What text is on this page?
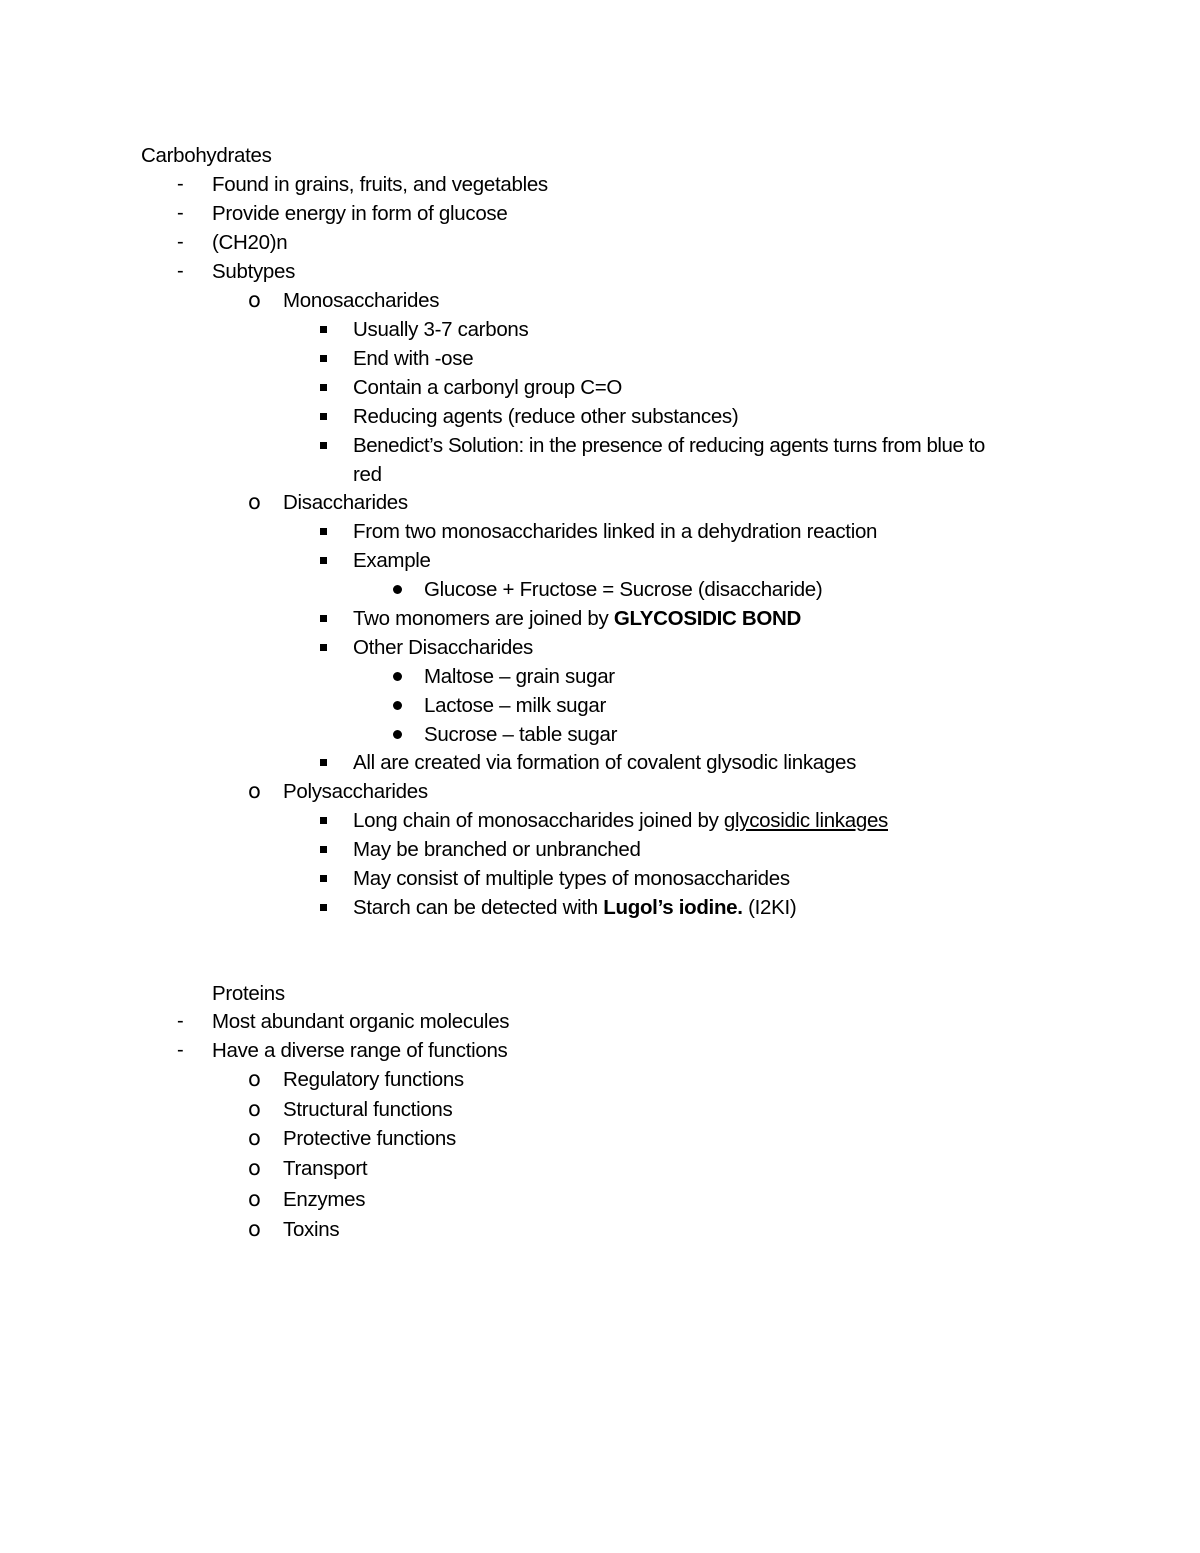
Carbohydrates
- Found in grains, fruits, and vegetables
- Provide energy in form of glucose
- (CH20)n
- Subtypes
o Monosaccharides
Usually 3-7 carbons
End with -ose
Contain a carbonyl group C=O
Reducing agents (reduce other substances)
Benedict’s Solution: in the presence of reducing agents turns from blue to
red
o Disaccharides
From two monosaccharides linked in a dehydration reaction
Example
Glucose + Fructose = Sucrose (disaccharide)
Two monomers are joined by GLYCOSIDIC BOND
Other Disaccharides
Maltose – grain sugar
Lactose – milk sugar
Sucrose – table sugar
All are created via formation of covalent glysodic linkages
o Polysaccharides
Long chain of monosaccharides joined by glycosidic linkages
May be branched or unbranched
May consist of multiple types of monosaccharides
Starch can be detected with Lugol’s iodine. (I2KI)
Proteins
- Most abundant organic molecules
- Have a diverse range of functions
o Regulatory functions
o Structural functions
o Protective functions
o Transport
o Enzymes
o Toxins
